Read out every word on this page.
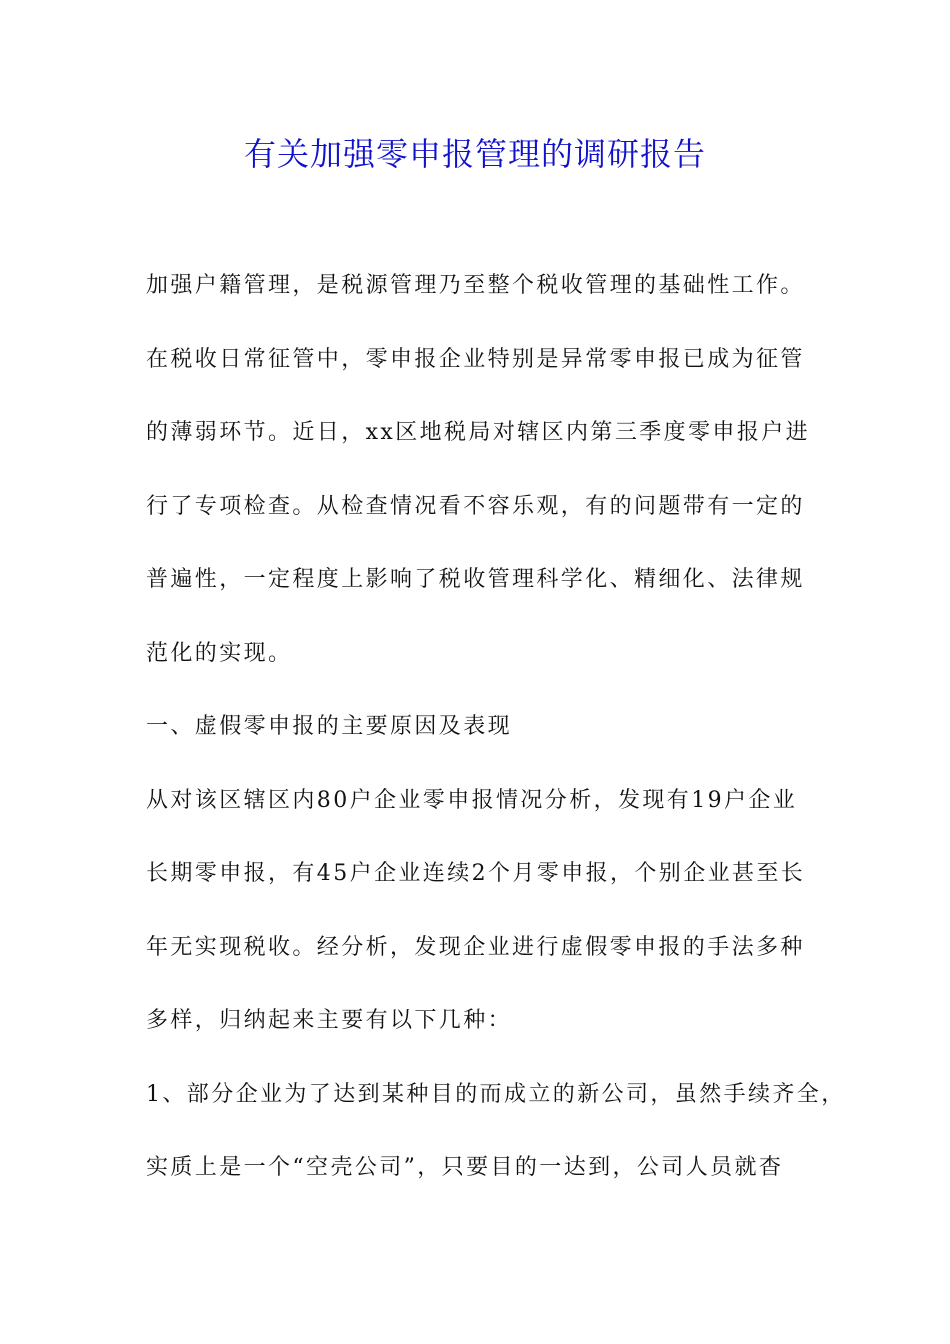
有关加强零申报管理的调研报告
加强户籍管理，是税源管理乃至整个税收管理的基础性工作。
在税收日常征管中，零申报企业特别是异常零申报已成为征管
的薄弱环节。近日，xx区地税局对辖区内第三季度零申报户进
行了专项检查。从检查情况看不容乐观，有的问题带有一定的
普遍性，一定程度上影响了税收管理科学化、精细化、法律规
范化的实现。
一、虚假零申报的主要原因及表现
从对该区辖区内80户企业零申报情况分析，发现有19户企业
长期零申报，有45户企业连续2个月零申报，个别企业甚至长
年无实现税收。经分析，发现企业进行虚假零申报的手法多种
多样，归纳起来主要有以下几种：
1、部分企业为了达到某种目的而成立的新公司，虽然手续齐全，
实质上是一个“空壳公司”，只要目的一达到，公司人员就杳
